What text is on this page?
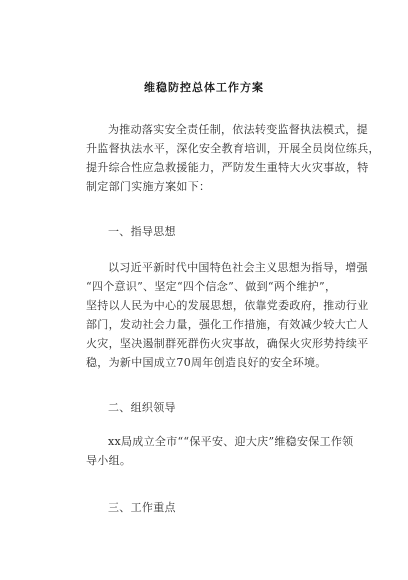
维稳防控总体工作方案
为推动落实安全责任制，依法转变监督执法模式，提
升监督执法水平，深化安全教育培训，开展全员岗位练兵，
提升综合性应急救援能力，严防发生重特大火灾事故，特
制定部门实施方案如下：
一、指导思想
以习近平新时代中国特色社会主义思想为指导，增强
“四个意识”、坚定“四个信念”、做到“两个维护”，
坚持以人民为中心的发展思想，依靠党委政府，推动行业
部门，发动社会力量，强化工作措施，有效减少较大亡人
火灾，坚决遏制群死群伤火灾事故，确保火灾形势持续平
稳，为新中国成立70周年创造良好的安全环境。
二、组织领导
xx局成立全市““保平安、迎大庆”维稳安保工作领
导小组。
三、工作重点
